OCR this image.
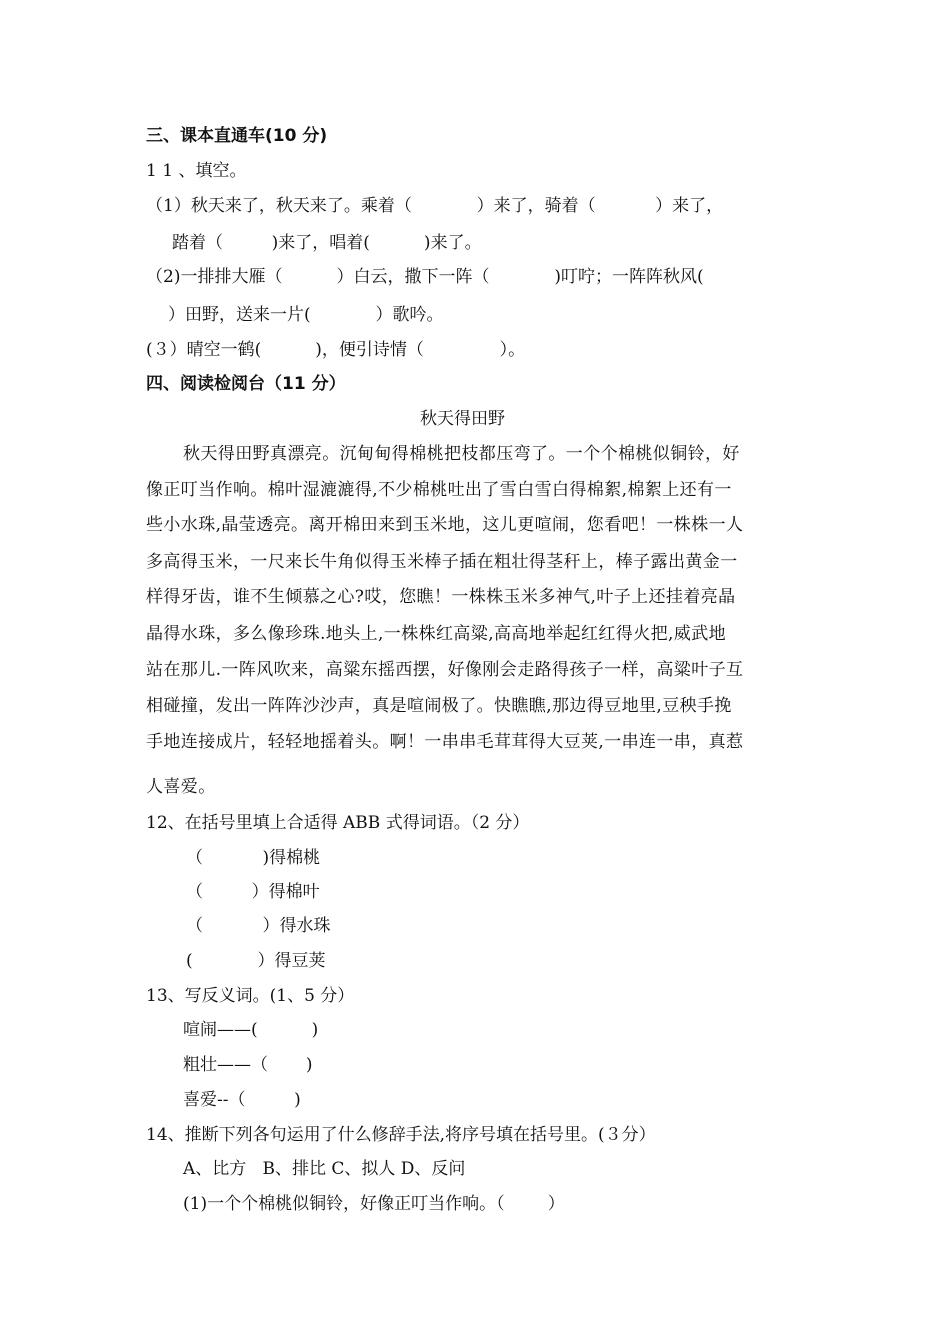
三、课本直通车(10 分)
1 1 、填空。
（1）秋天来了，秋天来了。乘着（            ）来了，骑着（           ）来了，
踏着（         )来了，唱着(          )来了。
（2)一排排大雁（          ）白云，撒下一阵（            )叮咛；一阵阵秋风(
）田野，送来一片(            ）歌吟。
(３）晴空一鹤(          )，便引诗情（              ）。
四、阅读检阅台（11 分）
秋天得田野
秋天得田野真漂亮。沉甸甸得棉桃把枝都压弯了。一个个棉桃似铜铃，好
像正叮当作响。棉叶湿漉漉得,不少棉桃吐出了雪白雪白得棉絮,棉絮上还有一
些小水珠,晶莹透亮。离开棉田来到玉米地，这儿更喧闹，您看吧！一株株一人
多高得玉米，一尺来长牛角似得玉米棒子插在粗壮得茎秆上，棒子露出黄金一
样得牙齿，谁不生倾慕之心?哎，您瞧！一株株玉米多神气,叶子上还挂着亮晶
晶得水珠，多么像珍珠.地头上,一株株红高粱,高高地举起红红得火把,威武地
站在那儿.一阵风吹来，高粱东摇西摆，好像刚会走路得孩子一样，高粱叶子互
相碰撞，发出一阵阵沙沙声，真是喧闹极了。快瞧瞧,那边得豆地里,豆秧手挽
手地连接成片，轻轻地摇着头。啊！一串串毛茸茸得大豆荚,一串连一串，真惹
人喜爱。
12、在括号里填上合适得 ABB 式得词语。（2 分）
（           )得棉桃
（         ）得棉叶
（           ）得水珠
(            ）得豆荚
13、写反义词。(1、5 分）
喧闹——(          )
粗壮——（       )
喜爱--（         )
14、推断下列各句运用了什么修辞手法,将序号填在括号里。(３分）
A、比方   B、排比 C、拟人 D、反问
(1)一个个棉桃似铜铃，好像正叮当作响。（        ）
